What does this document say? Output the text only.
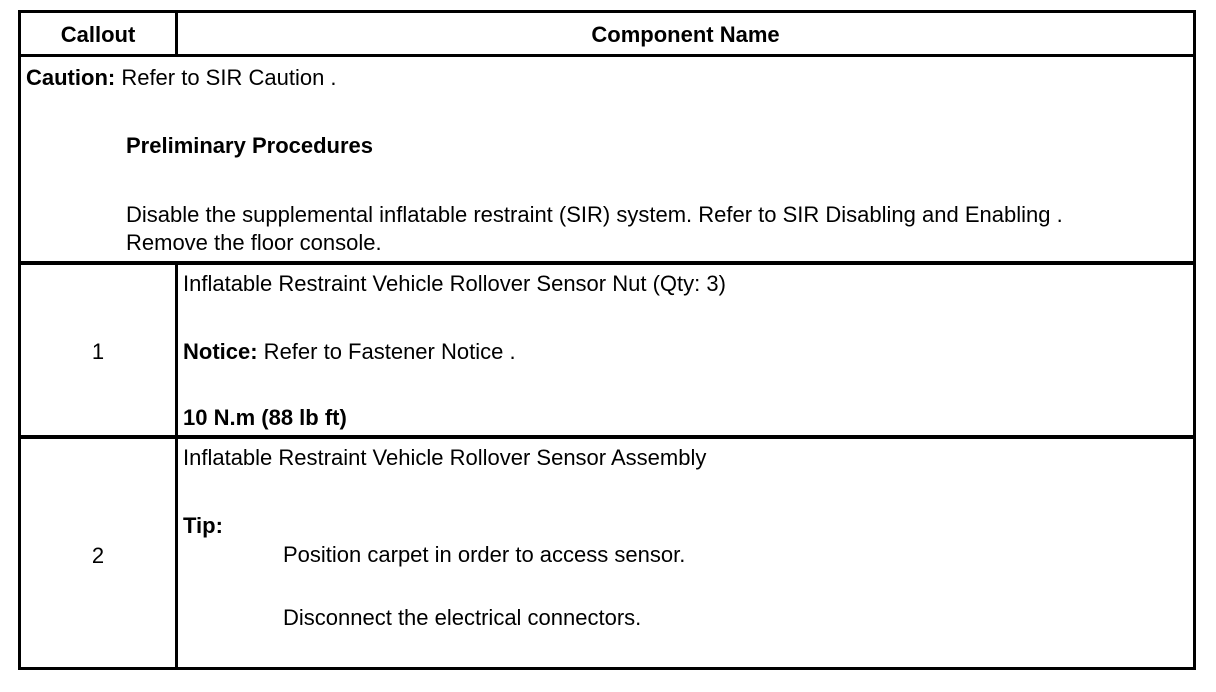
Callout	Component Name
Caution: Refer to SIR Caution .
Preliminary Procedures
Disable the supplemental inflatable restraint (SIR) system. Refer to SIR Disabling and Enabling .
Remove the floor console.
1
Inflatable Restraint Vehicle Rollover Sensor Nut (Qty: 3)
Notice: Refer to Fastener Notice .
10 N.m (88 lb ft)
2
Inflatable Restraint Vehicle Rollover Sensor Assembly
Tip:
Position carpet in order to access sensor.
Disconnect the electrical connectors.
